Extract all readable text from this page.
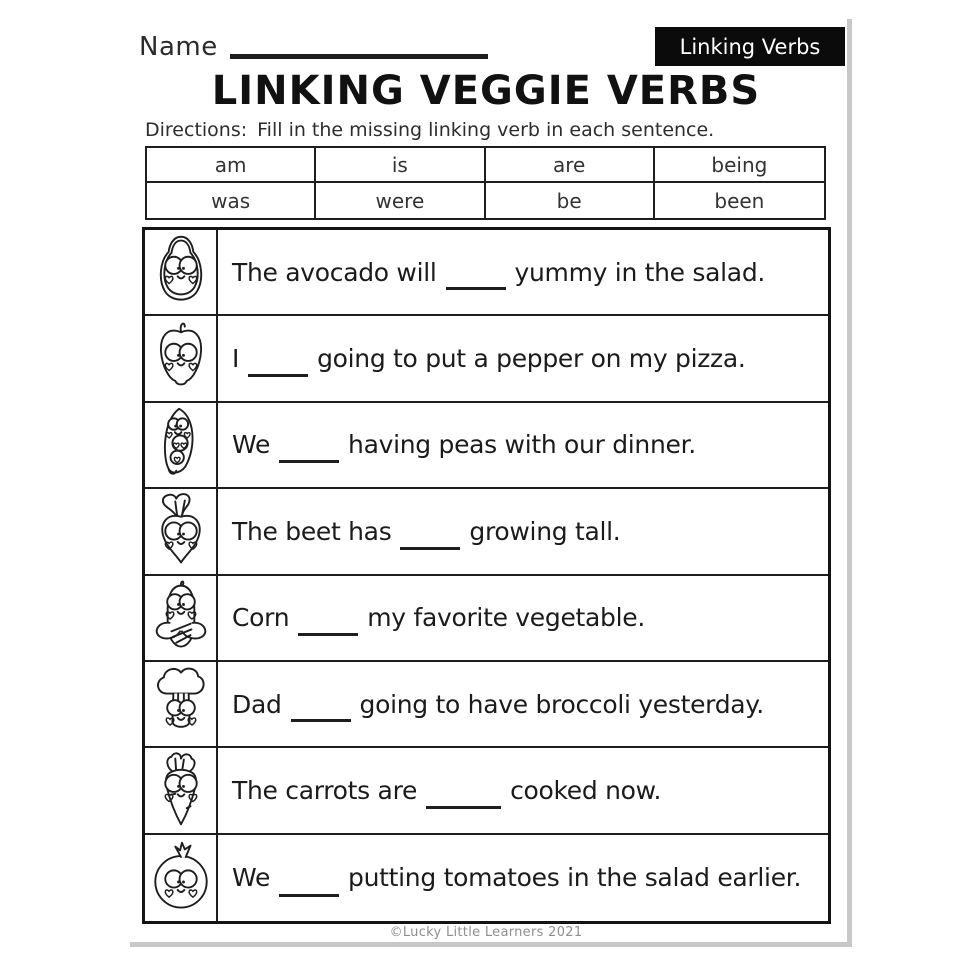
Name	Linking Verbs
LINKING VEGGIE VERBS
Directions: Fill in the missing linking verb in each sentence.
am	is	are	being
was	were	be	been
The avocado will	yummy in the salad.
I	going to put a pepper on my pizza.
We	having peas with our dinner.
The beet has	growing tall.
Corn	my favorite vegetable.
Dad	going to have broccoli yesterday.
The carrots are	cooked now.
We	putting tomatoes in the salad earlier.
©Lucky Little Learners 2021
